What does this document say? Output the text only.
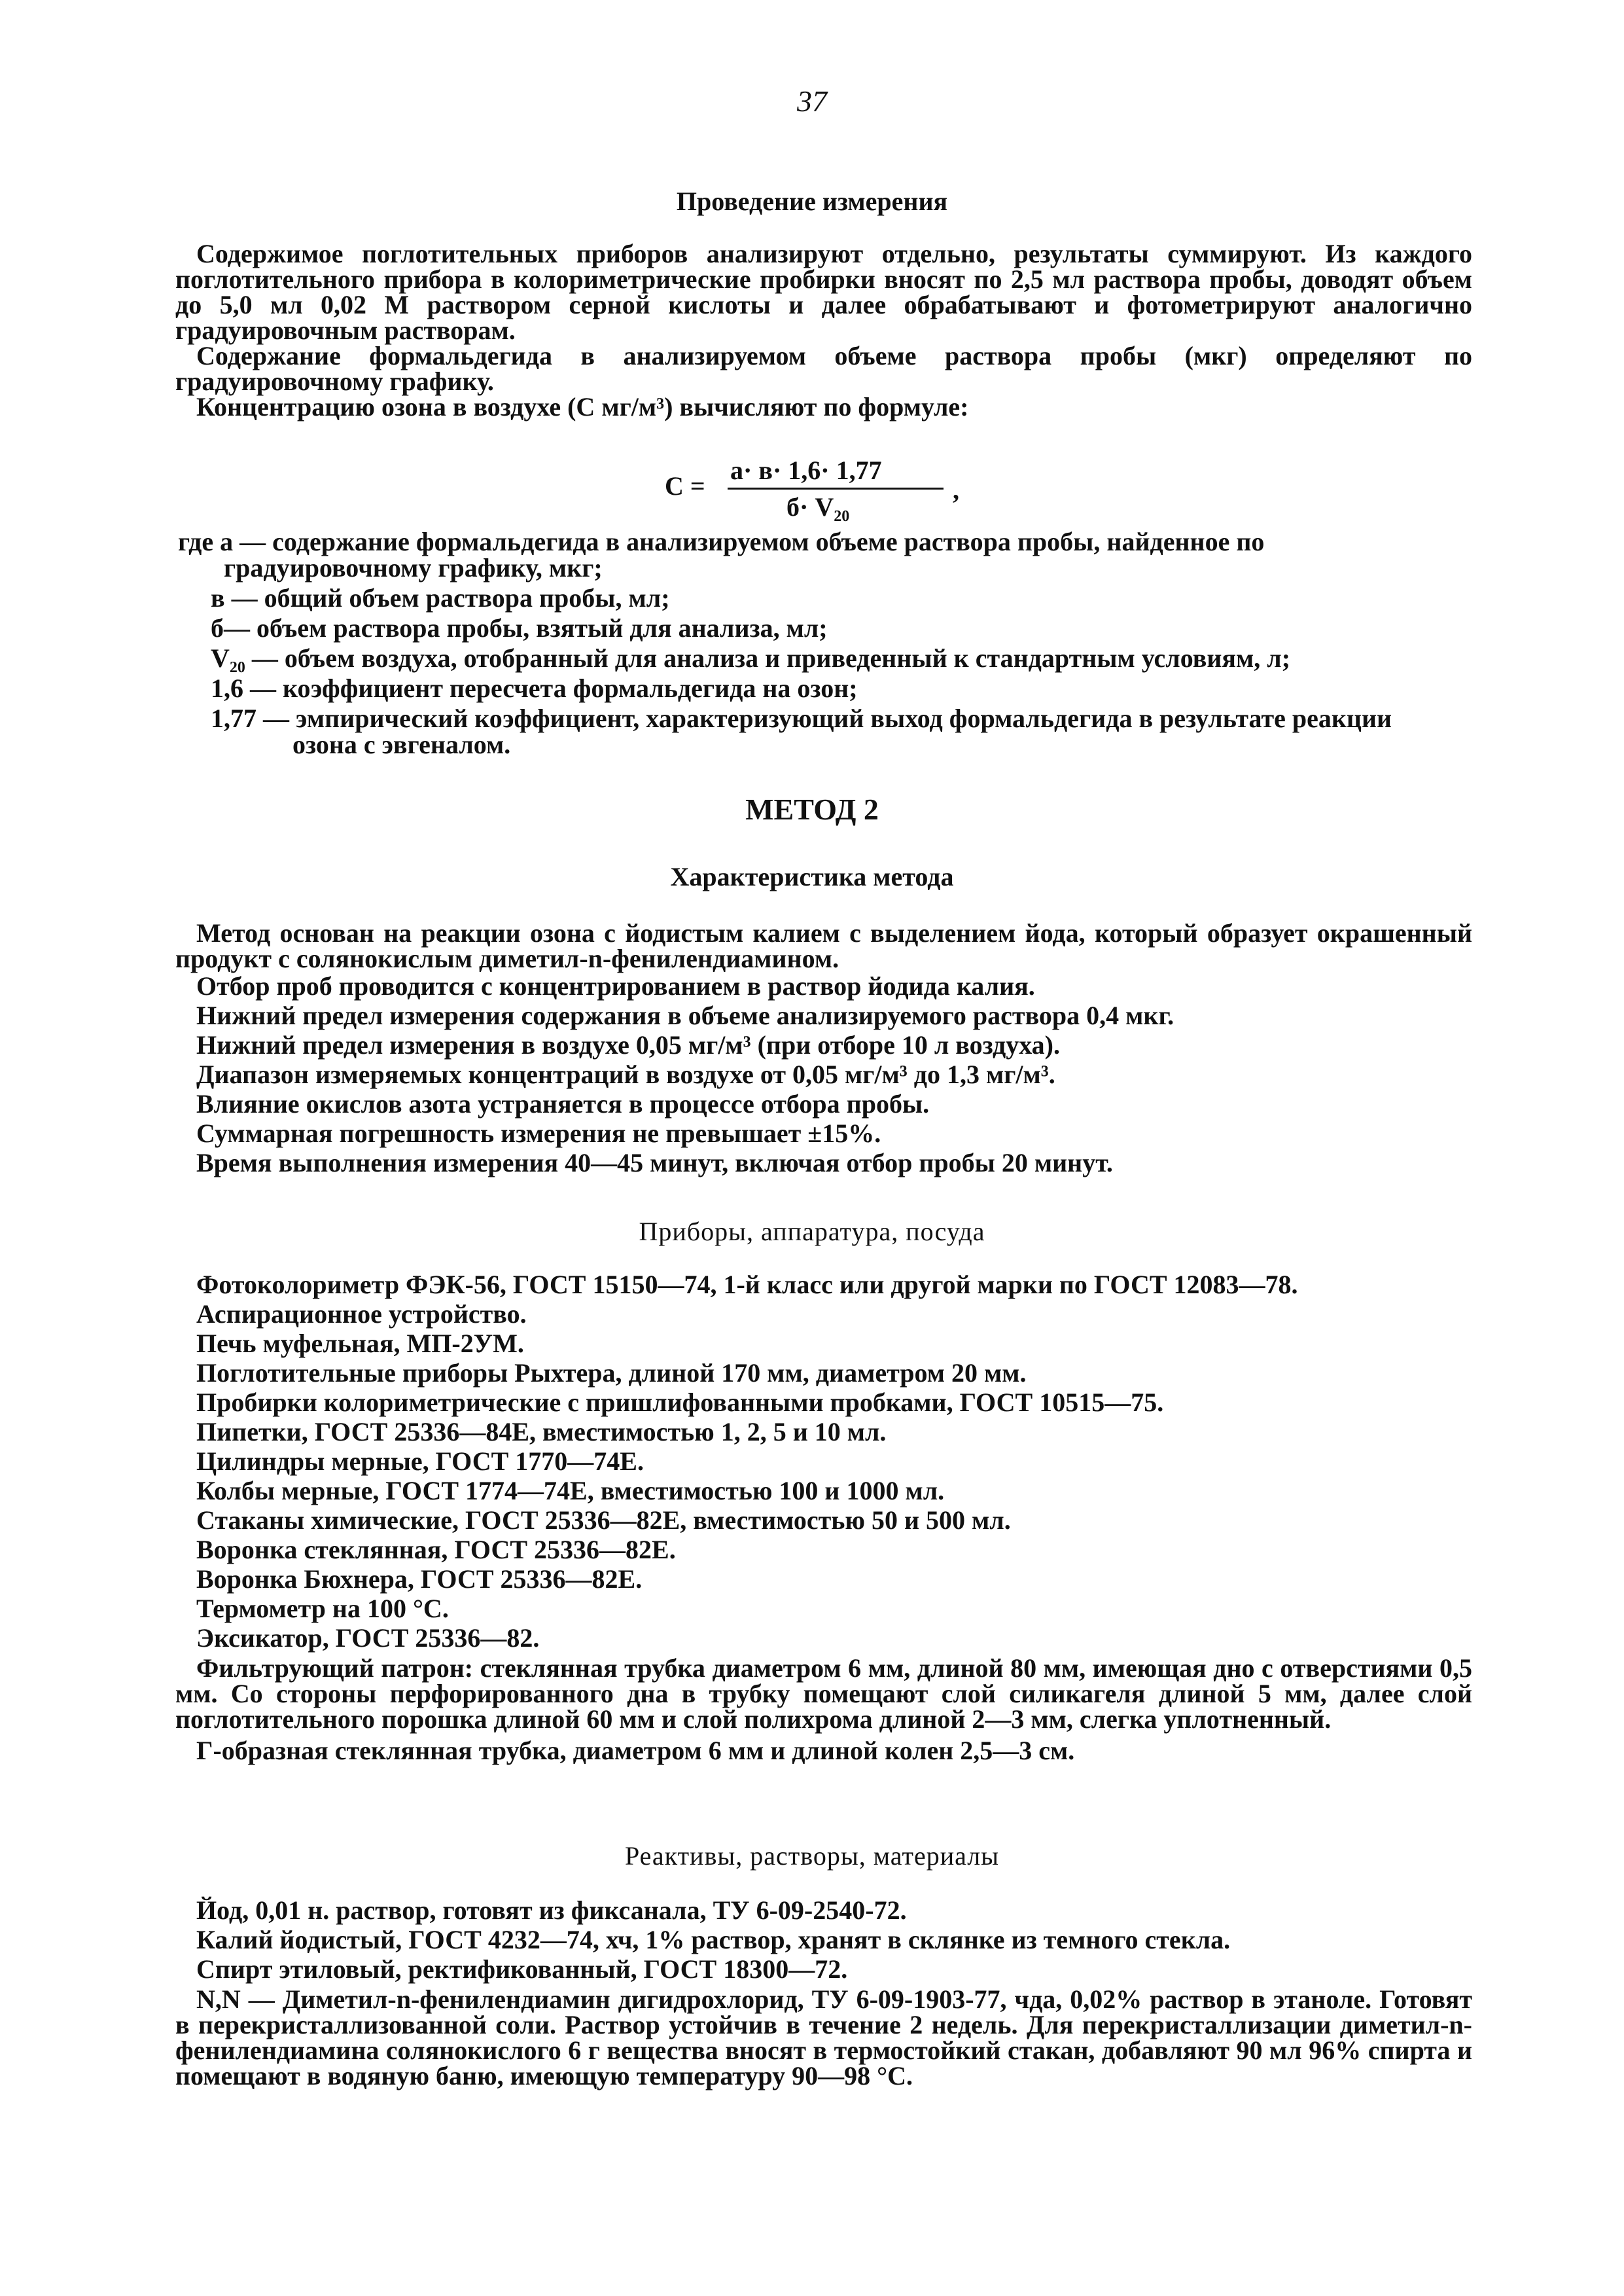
37
Проведение измерения

Содержимое поглотительных приборов анализируют отдельно, результаты суммируют. Из каждого поглотительного прибора в колориметрические пробирки вносят по 2,5 мл раствора пробы, доводят объем до 5,0 мл 0,02 М раствором серной кислоты и далее обрабатывают и фотометрируют аналогично градуировочным растворам.

Содержание формальдегида в анализируемом объеме раствора пробы (мкг) определяют по градуировочному графику.

Концентрацию озона в воздухе (С мг/м³) вычисляют по формуле:

C =
а· в· 1,6· 1,77
б· V₂₀
,

где а — содержание формальдегида в анализируемом объеме раствора пробы, найденное по градуировочному графику, мкг;

в — общий объем раствора пробы, мл;

б— объем раствора пробы, взятый для анализа, мл;

V₂₀ — объем воздуха, отобранный для анализа и приведенный к стандартным условиям, л;

1,6 — коэффициент пересчета формальдегида на озон;

1,77 — эмпирический коэффициент, характеризующий выход формальдегида в результате реакции озона с эвгеналом.

МЕТОД 2
Характеристика метода

Метод основан на реакции озона с йодистым калием с выделением йода, который образует окрашенный продукт с солянокислым диметил-n-фенилендиамином.

Отбор проб проводится с концентрированием в раствор йодида калия.

Нижний предел измерения содержания в объеме анализируемого раствора 0,4 мкг.

Нижний предел измерения в воздухе 0,05 мг/м³ (при отборе 10 л воздуха).

Диапазон измеряемых концентраций в воздухе от 0,05 мг/м³ до 1,3 мг/м³.

Влияние окислов азота устраняется в процессе отбора пробы.

Суммарная погрешность измерения не превышает ±15%.

Время выполнения измерения 40—45 минут, включая отбор пробы 20 минут.

Приборы, аппаратура, посуда

Фотоколориметр ФЭК-56, ГОСТ 15150—74, 1-й класс или другой марки по ГОСТ 12083—78.

Аспирационное устройство.

Печь муфельная, МП-2УМ.

Поглотительные приборы Рыхтера, длиной 170 мм, диаметром 20 мм.

Пробирки колориметрические с пришлифованными пробками, ГОСТ 10515—75.

Пипетки, ГОСТ 25336—84Е, вместимостью 1, 2, 5 и 10 мл.

Цилиндры мерные, ГОСТ 1770—74Е.

Колбы мерные, ГОСТ 1774—74Е, вместимостью 100 и 1000 мл.

Стаканы химические, ГОСТ 25336—82Е, вместимостью 50 и 500 мл.

Воронка стеклянная, ГОСТ 25336—82Е.

Воронка Бюхнера, ГОСТ 25336—82Е.

Термометр на 100 °С.

Эксикатор, ГОСТ 25336—82.

Фильтрующий патрон: стеклянная трубка диаметром 6 мм, длиной 80 мм, имеющая дно с отверстиями 0,5 мм. Со стороны перфорированного дна в трубку помещают слой силикагеля длиной 5 мм, далее слой поглотительного порошка длиной 60 мм и слой полихрома длиной 2—3 мм, слегка уплотненный.

Г-образная стеклянная трубка, диаметром 6 мм и длиной колен 2,5—3 см.

Реактивы, растворы, материалы

Йод, 0,01 н. раствор, готовят из фиксанала, ТУ 6-09-2540-72.

Калий йодистый, ГОСТ 4232—74, хч, 1% раствор, хранят в склянке из темного стекла.

Спирт этиловый, ректификованный, ГОСТ 18300—72.

N,N — Диметил-n-фенилендиамин дигидрохлорид, ТУ 6-09-1903-77, чда, 0,02% раствор в этаноле. Готовят в перекристаллизованной соли. Раствор устойчив в течение 2 недель. Для перекристаллизации диметил-n-фенилендиамина солянокислого 6 г вещества вносят в термостойкий стакан, добавляют 90 мл 96% спирта и помещают в водяную баню, имеющую температуру 90—98 °С.
